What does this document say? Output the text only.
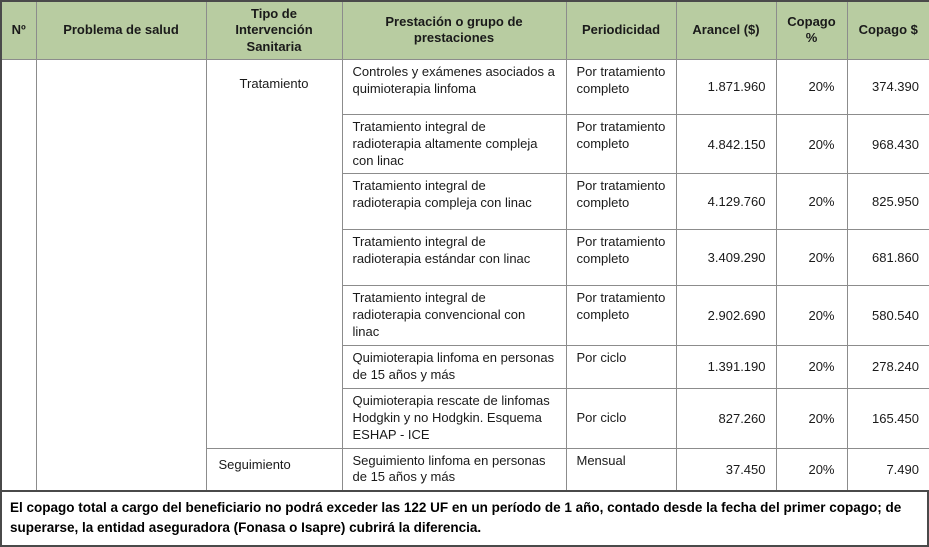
Nº	Problema de salud	Tipo de Intervención Sanitaria	Prestación o grupo de prestaciones	Periodicidad	Arancel ($)	Copago %	Copago $
		Tratamiento	Controles y exámenes asociados a quimioterapia linfoma	Por tratamiento completo	1.871.960	20%	374.390
			Tratamiento integral de radioterapia altamente compleja con linac	Por tratamiento completo	4.842.150	20%	968.430
			Tratamiento integral de radioterapia compleja con linac	Por tratamiento completo	4.129.760	20%	825.950
			Tratamiento integral de radioterapia estándar con linac	Por tratamiento completo	3.409.290	20%	681.860
			Tratamiento integral de radioterapia convencional con linac	Por tratamiento completo	2.902.690	20%	580.540
			Quimioterapia linfoma en personas de 15 años y más	Por ciclo	1.391.190	20%	278.240
			Quimioterapia rescate de linfomas Hodgkin y no Hodgkin. Esquema ESHAP - ICE	Por ciclo	827.260	20%	165.450
		Seguimiento	Seguimiento linfoma en personas de 15 años y más	Mensual	37.450	20%	7.490
El copago total a cargo del beneficiario no podrá exceder las 122 UF en un período de 1 año, contado desde la fecha del primer copago; de superarse, la entidad aseguradora (Fonasa o Isapre) cubrirá la diferencia.
